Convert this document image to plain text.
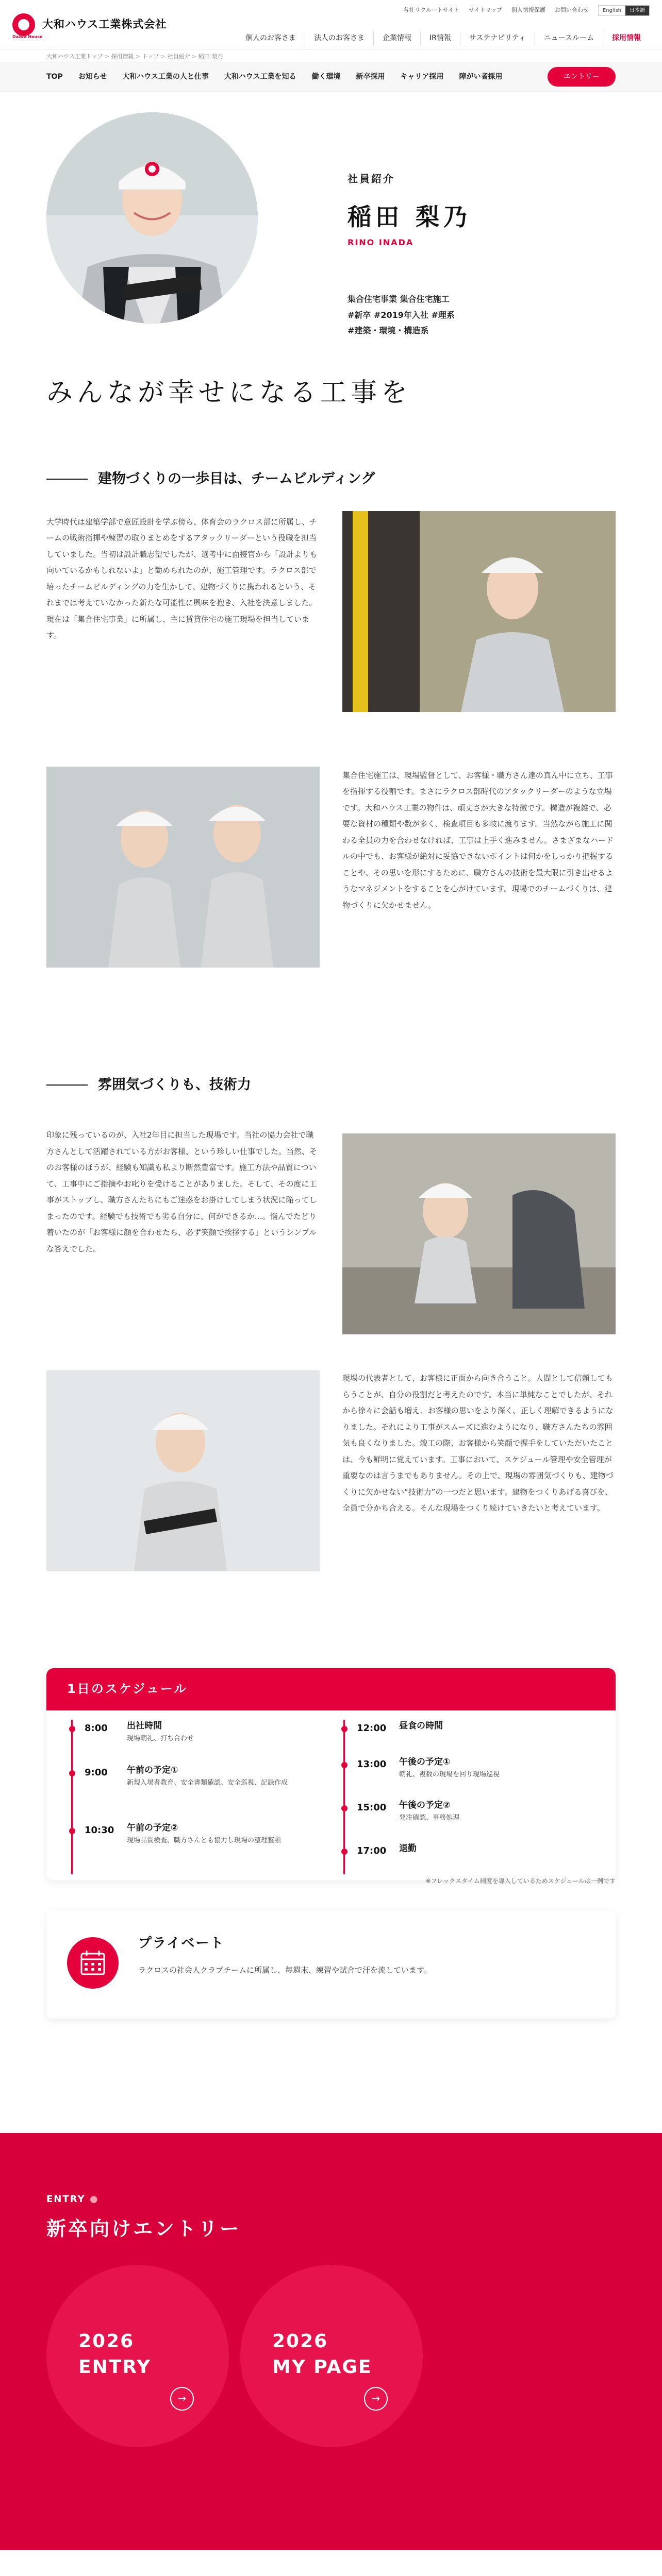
大和ハウス工業株式会社
Daiwa House
各社リクルートサイト サイトマップ 個人情報保護 お問い合わせ	English	日本語
個人のお客さま	法人のお客さま	企業情報	IR情報	サステナビリティ	ニュースルーム	採用情報
大和ハウス工業トップ > 採用情報 > トップ > 社員紹介 > 稲田 梨乃
TOP	お知らせ	大和ハウス工業の人と仕事	大和ハウス工業を知る	働く環境	新卒採用	キャリア採用	障がい者採用	エントリー
社員紹介
稲田 梨乃
RINO INADA
集合住宅事業 集合住宅施工
#新卒 #2019年入社 #理系
#建築・環境・構造系
みんなが幸せになる工事を
建物づくりの一歩目は、チームビルディング

大学時代は建築学部で意匠設計を学ぶ傍ら、体育会のラクロス部に所属し、チームの戦術指揮や練習の取りまとめをするアタックリーダーという役職を担当していました。当初は設計職志望でしたが、選考中に面接官から「設計よりも向いているかもしれないよ」と勧められたのが、施工管理です。ラクロス部で培ったチームビルディングの力を生かして、建物づくりに携われるという、それまでは考えていなかった新たな可能性に興味を抱き、入社を決意しました。現在は「集合住宅事業」に所属し、主に賃貸住宅の施工現場を担当しています。

集合住宅施工は、現場監督として、お客様・職方さん達の真ん中に立ち、工事を指揮する役割です。まさにラクロス部時代のアタックリーダーのような立場です。大和ハウス工業の物件は、頑丈さが大きな特徴です。構造が複雑で、必要な資材の種類や数が多く、検査項目も多岐に渡ります。当然ながら施工に関わる全員の力を合わせなければ、工事は上手く進みません。さまざまなハードルの中でも、お客様が絶対に妥協できないポイントは何かをしっかり把握することや、その思いを形にするために、職方さんの技術を最大限に引き出せるようなマネジメントをすることを心がけています。現場でのチームづくりは、建物づくりに欠かせません。

雰囲気づくりも、技術力

印象に残っているのが、入社2年目に担当した現場です。当社の協力会社で職方さんとして活躍されている方がお客様、という珍しい仕事でした。当然、そのお客様のほうが、経験も知識も私より断然豊富です。施工方法や品質について、工事中にご指摘やお叱りを受けることがありました。そして、その度に工事がストップし、職方さんたちにもご迷惑をお掛けしてしまう状況に陥ってしまったのです。経験でも技術でも劣る自分に、何ができるか…。悩んでたどり着いたのが「お客様に顔を合わせたら、必ず笑顔で挨拶する」というシンプルな答えでした。

現場の代表者として、お客様に正面から向き合うこと。人間として信頼してもらうことが、自分の役割だと考えたのです。本当に単純なことでしたが、それから徐々に会話も増え、お客様の思いをより深く、正しく理解できるようになりました。それにより工事がスムーズに進むようになり、職方さんたちの雰囲気も良くなりました。竣工の際、お客様から笑顔で握手をしていただいたことは、今も鮮明に覚えています。工事において、スケジュール管理や安全管理が重要なのは言うまでもありません。その上で、現場の雰囲気づくりも、建物づくりに欠かせない“技術力”の一つだと思います。建物をつくりあげる喜びを、全員で分かち合える。そんな現場をつくり続けていきたいと考えています。

1日のスケジュール
8:00	出社時間
現場朝礼、打ち合わせ
9:00	午前の予定①
新規入場者教育、安全書類確認、安全巡視、記録作成
10:30 午前の予定②
現場品質検査、職方さんとも協力し現場の整理整頓
12:00 昼食の時間
13:00 午後の予定①
朝礼、複数の現場を回り現場巡視
15:00 午後の予定②
発注確認、事務処理
17:00 退勤
※フレックスタイム制度を導入しているためスケジュールは一例です
プライベート
ラクロスの社会人クラブチームに所属し、毎週末、練習や試合で汗を流しています。
ENTRY ●
新卒向けエントリー
2026
ENTRY
→
2026
MY PAGE
→
